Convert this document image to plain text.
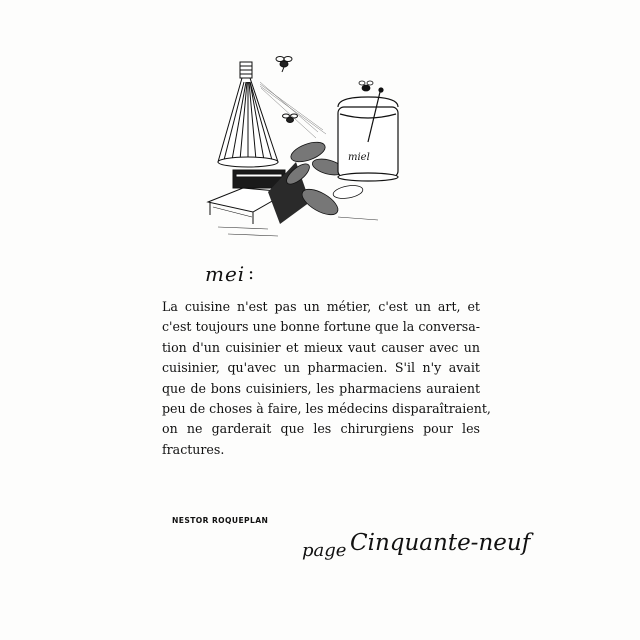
miel
mei :
La cuisine n'est pas un métier, c'est un art, et
c'est toujours une bonne fortune que la conversa-
tion d'un cuisinier et mieux vaut causer avec un
cuisinier, qu'avec un pharmacien. S'il n'y avait
que de bons cuisiniers, les pharmaciens auraient
peu de choses à faire, les médecins disparaîtraient,
on ne garderait que les chirurgiens pour les
fractures.
NESTOR ROQUEPLAN
page Cinquante-neuf
